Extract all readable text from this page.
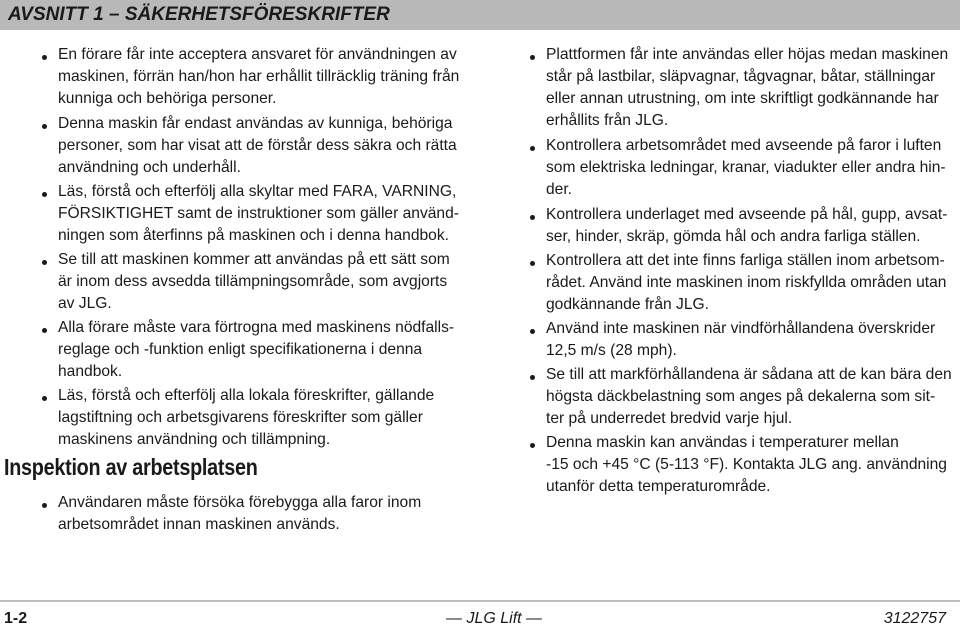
AVSNITT 1 – SÄKERHETSFÖRESKRIFTER
En förare får inte acceptera ansvaret för användningen av
maskinen, förrän han/hon har erhållit tillräcklig träning från
kunniga och behöriga personer.
Denna maskin får endast användas av kunniga, behöriga
personer, som har visat att de förstår dess säkra och rätta
användning och underhåll.
Läs, förstå och efterfölj alla skyltar med FARA, VARNING,
FÖRSIKTIGHET samt de instruktioner som gäller använd-
ningen som återfinns på maskinen och i denna handbok.
Se till att maskinen kommer att användas på ett sätt som
är inom dess avsedda tillämpningsområde, som avgjorts
av JLG.
Alla förare måste vara förtrogna med maskinens nödfalls-
reglage och -funktion enligt specifikationerna i denna
handbok.
Läs, förstå och efterfölj alla lokala föreskrifter, gällande
lagstiftning och arbetsgivarens föreskrifter som gäller
maskinens användning och tillämpning.
Inspektion av arbetsplatsen
Användaren måste försöka förebygga alla faror inom
arbetsområdet innan maskinen används.
Plattformen får inte användas eller höjas medan maskinen
står på lastbilar, släpvagnar, tågvagnar, båtar, ställningar
eller annan utrustning, om inte skriftligt godkännande har
erhållits från JLG.
Kontrollera arbetsområdet med avseende på faror i luften
som elektriska ledningar, kranar, viadukter eller andra hin-
der.
Kontrollera underlaget med avseende på hål, gupp, avsat-
ser, hinder, skräp, gömda hål och andra farliga ställen.
Kontrollera att det inte finns farliga ställen inom arbetsom-
rådet. Använd inte maskinen inom riskfyllda områden utan
godkännande från JLG.
Använd inte maskinen när vindförhållandena överskrider
12,5 m/s (28 mph).
Se till att markförhållandena är sådana att de kan bära den
högsta däckbelastning som anges på dekalerna som sit-
ter på underredet bredvid varje hjul.
Denna maskin kan användas i temperaturer mellan
-15 och +45 °C (5-113 °F). Kontakta JLG ang. användning
utanför detta temperaturområde.
1-2	— JLG Lift —	3122757
